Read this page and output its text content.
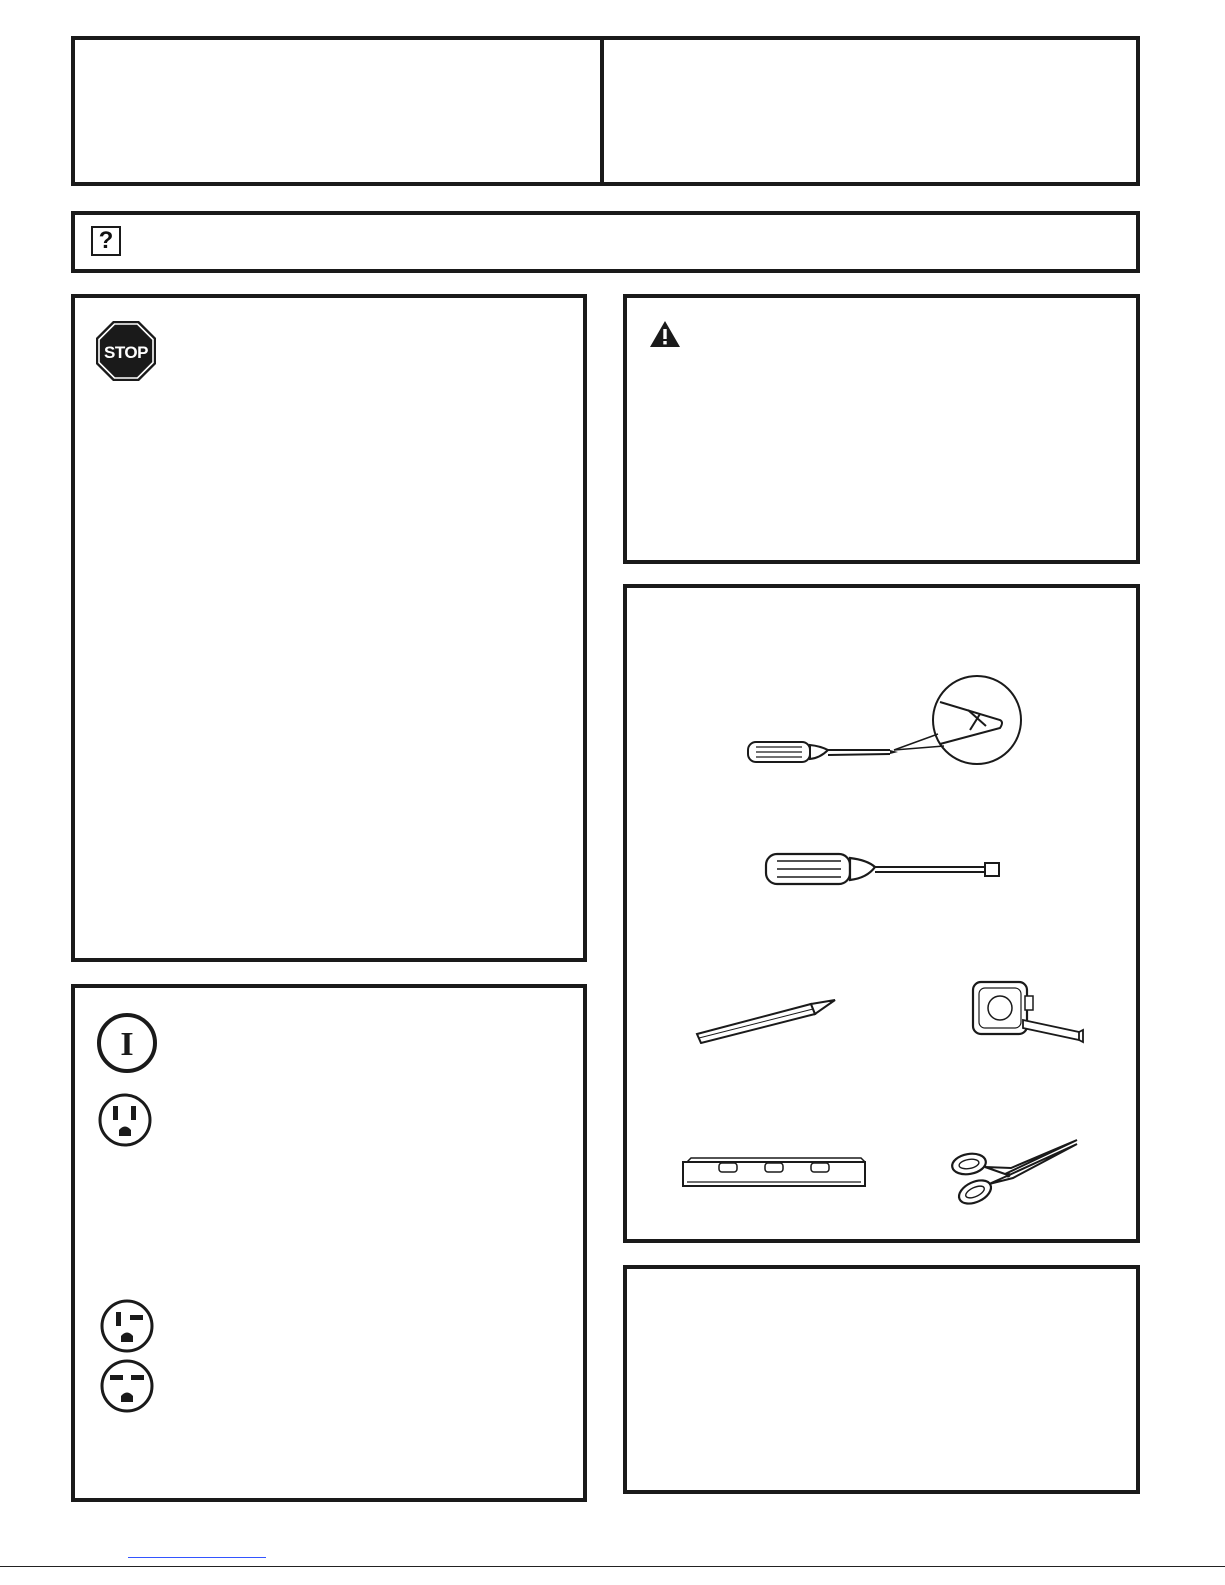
?
STOP
I
